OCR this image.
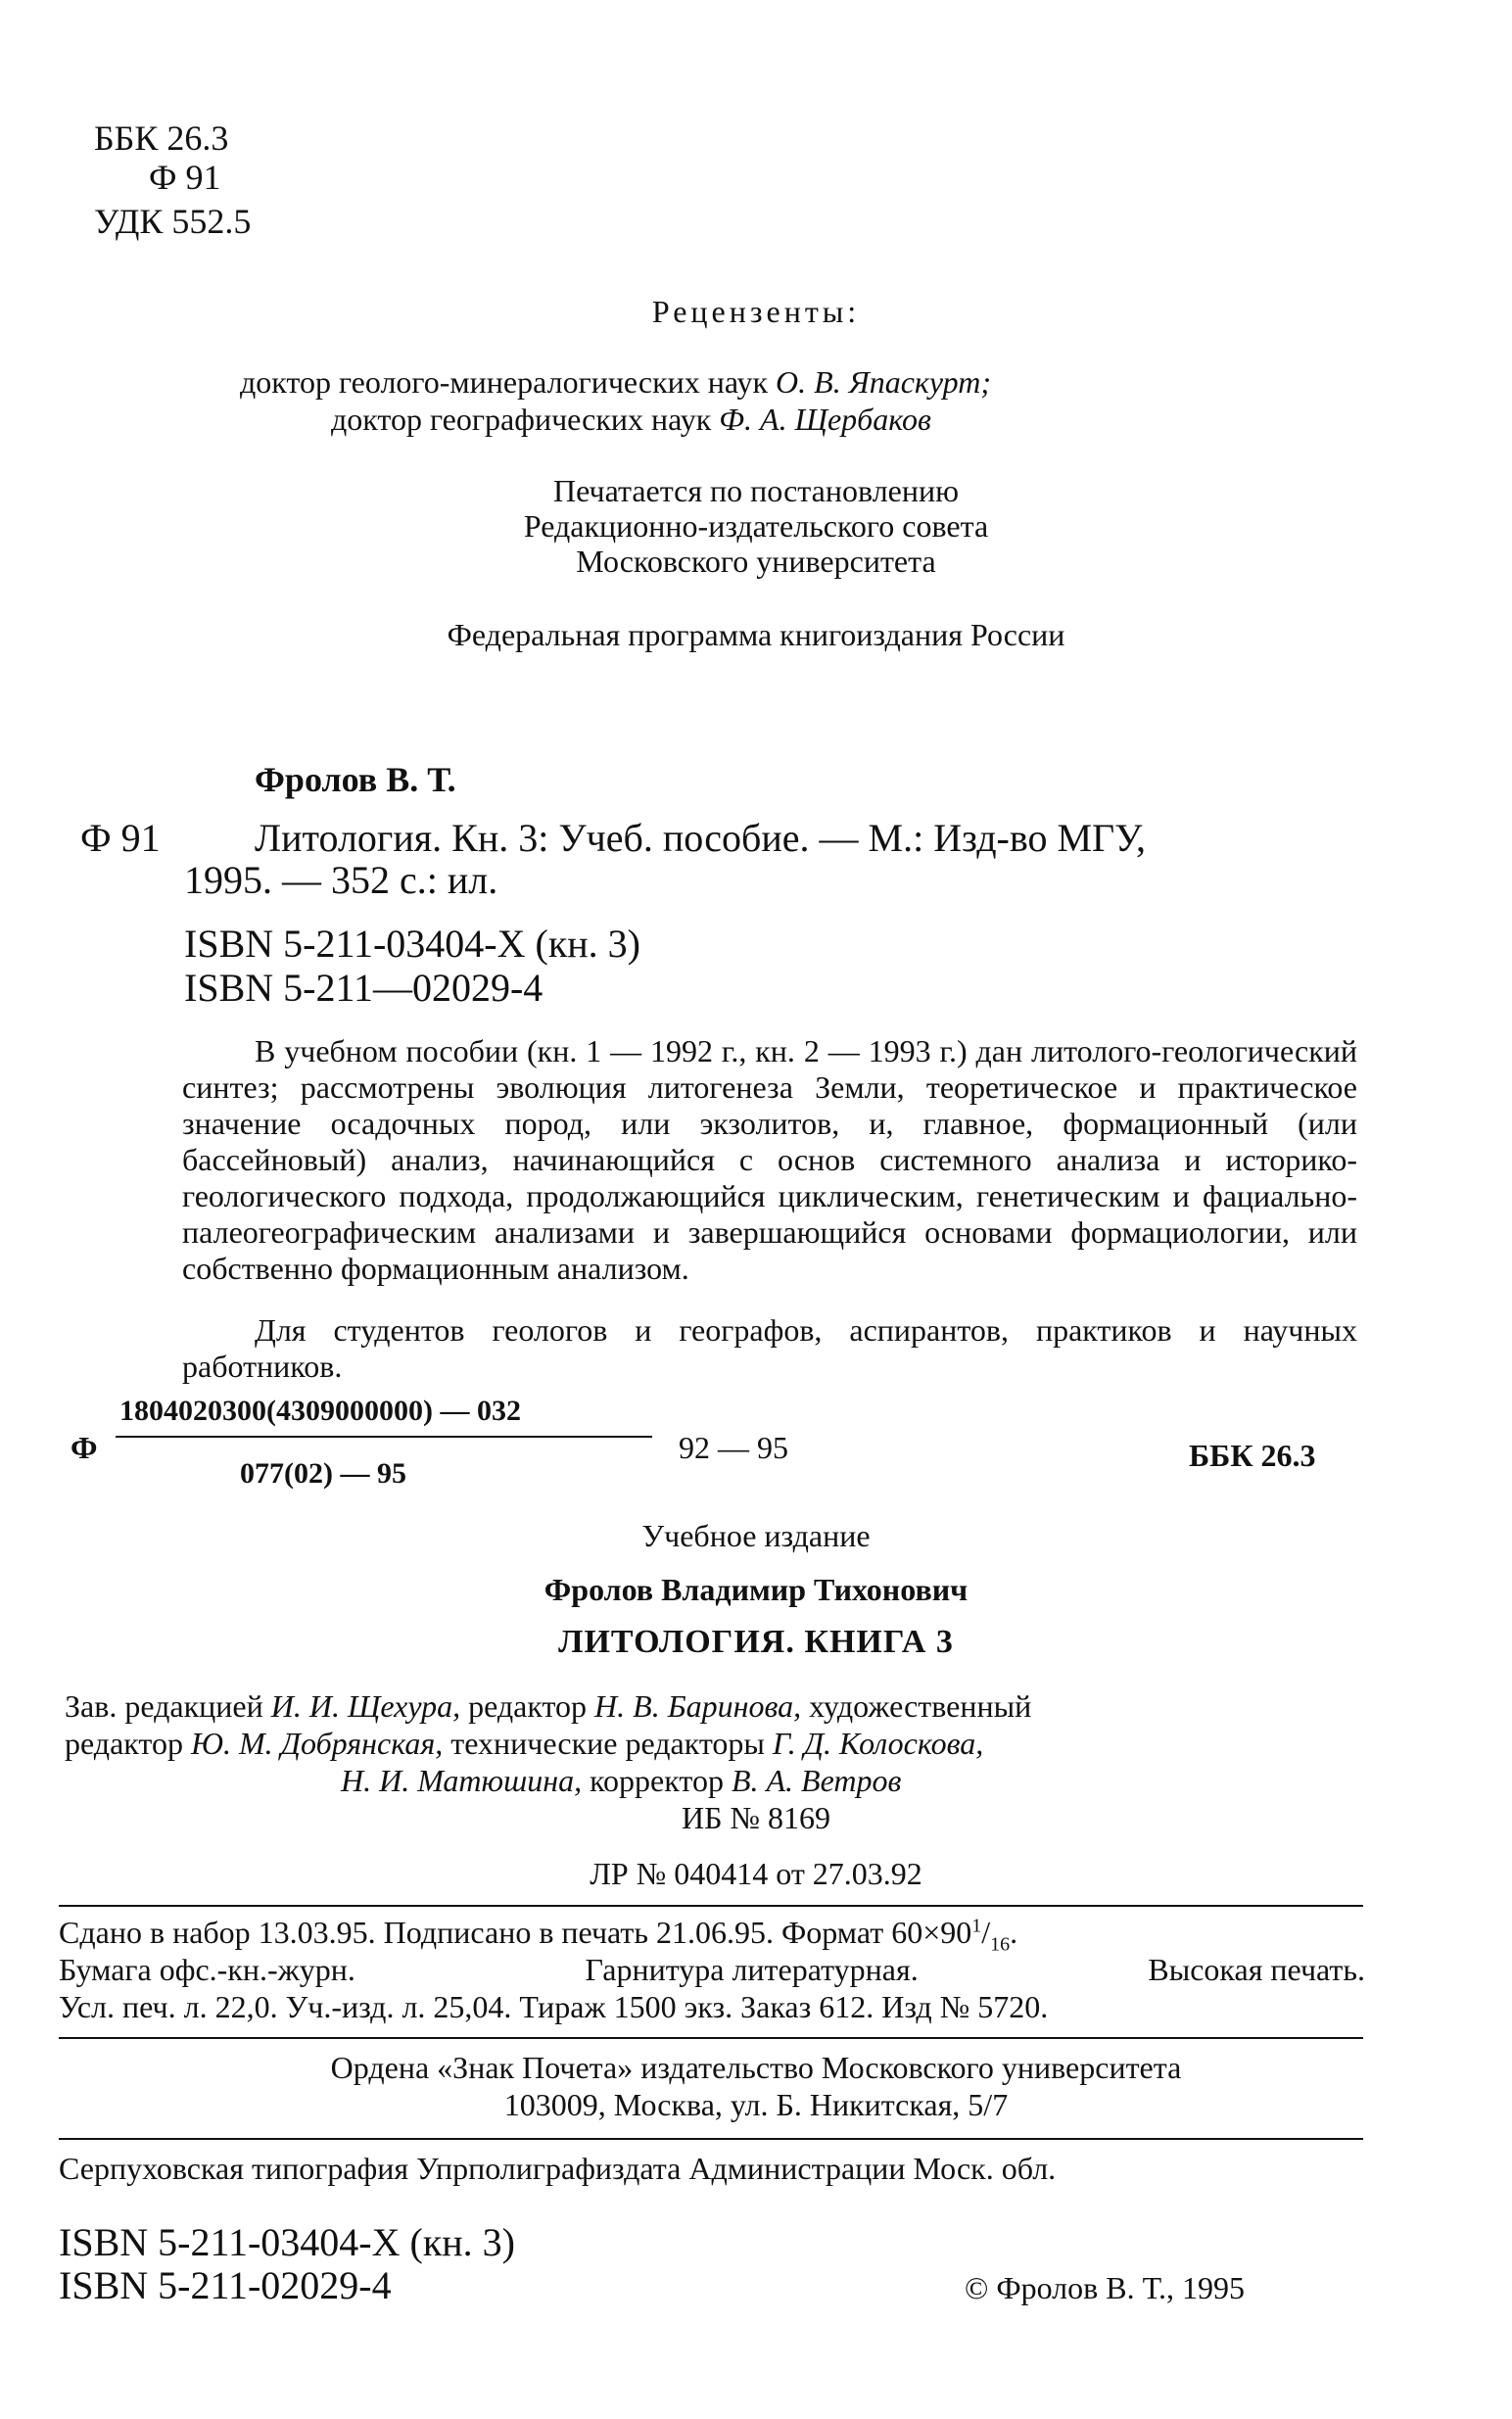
ББК 26.3
Ф 91
УДК 552.5
Рецензенты:
доктор геолого-минералогических наук О. В. Япаскурт;
доктор географических наук Ф. А. Щербаков
Печатается по постановлению
Редакционно-издательского совета
Московского университета
Федеральная программа книгоиздания России
Фролов В. Т.
Ф 91 Литология. Кн. 3: Учеб. пособие. — М.: Изд-во МГУ,
1995. — 352 с.: ил.
ISBN 5-211-03404-X (кн. 3)
ISBN 5-211—02029-4
В учебном пособии (кн. 1 — 1992 г., кн. 2 — 1993 г.) дан литолого-геологический синтез; рассмотрены эволюция литогенеза Земли, теоретическое и практическое значение осадочных пород, или экзолитов, и, главное, формационный (или бассейновый) анализ, начинающийся с основ системного анализа и историко-геологического подхода, продолжающийся циклическим, генетическим и фациально-палеогеографическим анализами и завершающийся основами формациологии, или собственно формационным анализом.
Для студентов геологов и географов, аспирантов, практиков и научных работников.
Ф
1804020300(4309000000) — 032
077(02) — 95
92 — 95	ББК 26.3
Учебное издание
Фролов Владимир Тихонович
ЛИТОЛОГИЯ. КНИГА 3
Зав. редакцией И. И. Щехура, редактор Н. В. Баринова, художественный
редактор Ю. М. Добрянская, технические редакторы Г. Д. Колоскова,
Н. И. Матюшина, корректор В. А. Ветров
ИБ № 8169
ЛР № 040414 от 27.03.92
Сдано в набор 13.03.95. Подписано в печать 21.06.95. Формат $60\times 90^1/_{16}$.
Бумага офс.-кн.-журн.	Гарнитура литературная.	Высокая печать.
Усл. печ. л. 22,0. Уч.-изд. л. 25,04. Тираж 1500 экз. Заказ 612. Изд № 5720.
Ордена «Знак Почета» издательство Московского университета
103009, Москва, ул. Б. Никитская, 5/7
Серпуховская типография Упрполиграфиздата Администрации Моск. обл.
ISBN 5-211-03404-X (кн. 3)
ISBN 5-211-02029-4	© Фролов В. Т., 1995
